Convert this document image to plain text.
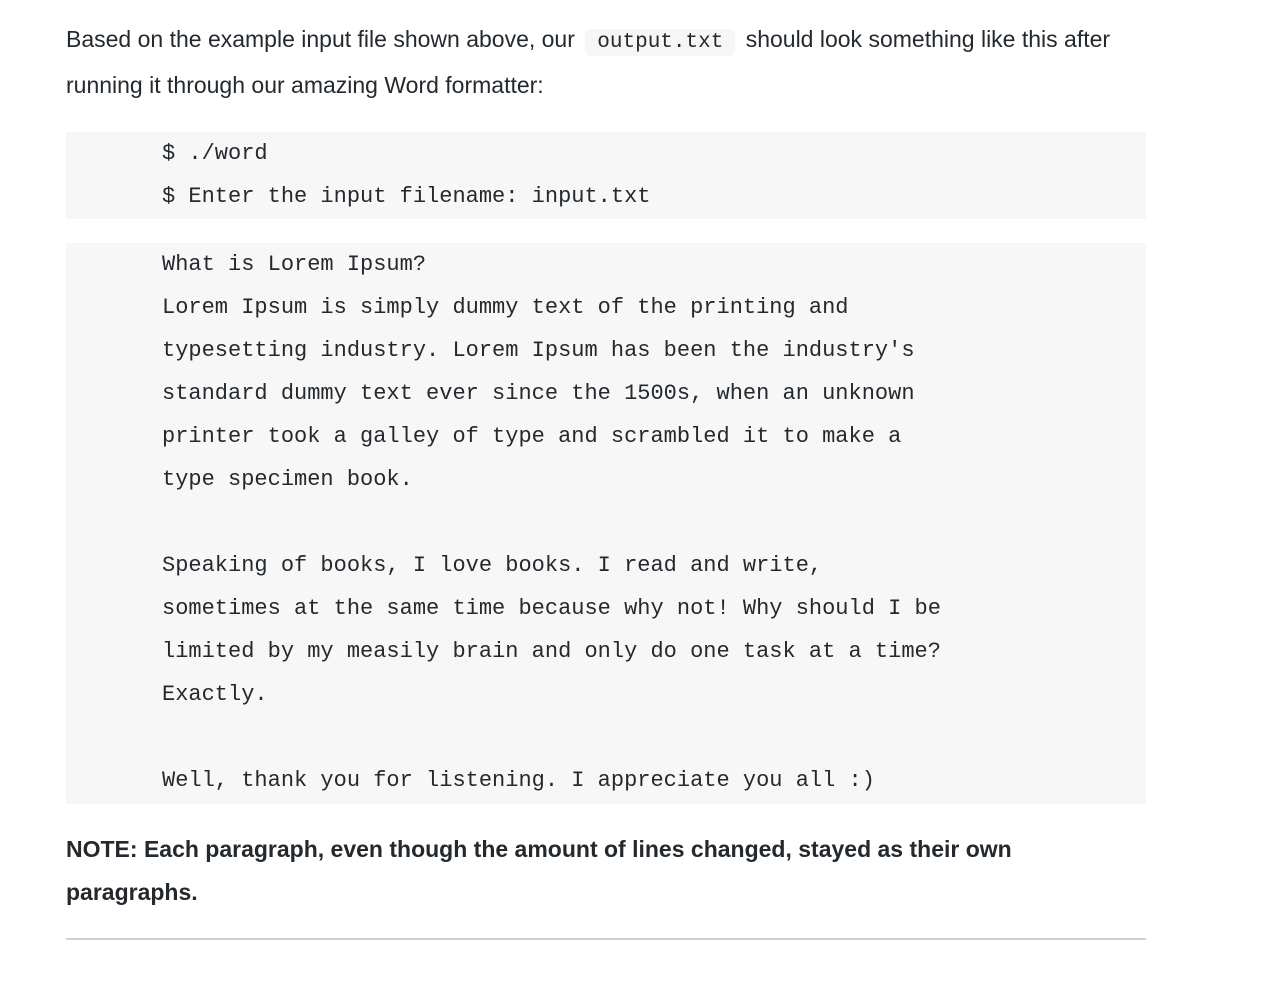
Based on the example input file shown above, our output.txt should look something like this after running it through our amazing Word formatter:

$ ./word
$ Enter the input filename: input.txt
What is Lorem Ipsum?
Lorem Ipsum is simply dummy text of the printing and
typesetting industry. Lorem Ipsum has been the industry's
standard dummy text ever since the 1500s, when an unknown
printer took a galley of type and scrambled it to make a
type specimen book.
Speaking of books, I love books. I read and write,
sometimes at the same time because why not! Why should I be
limited by my measily brain and only do one task at a time?
Exactly.
Well, thank you for listening. I appreciate you all :)

NOTE: Each paragraph, even though the amount of lines changed, stayed as their own paragraphs.
